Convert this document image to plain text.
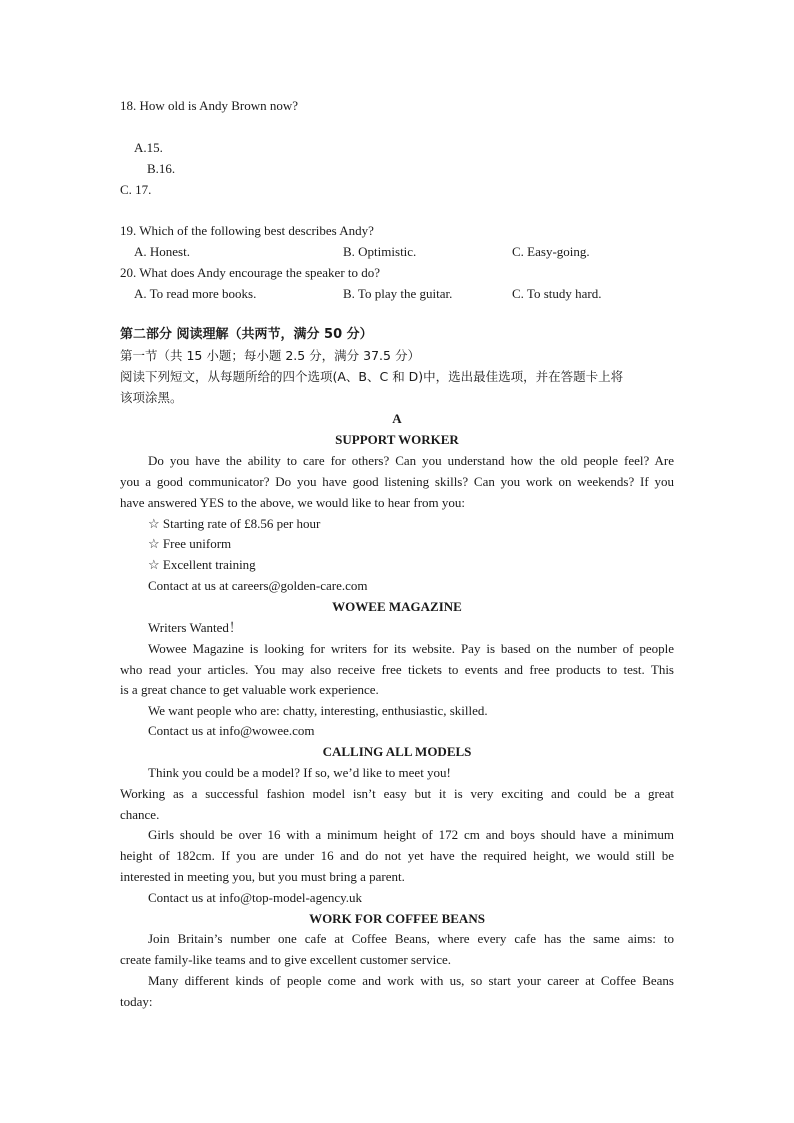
18. How old is Andy Brown now?
A.15.
B.16.
C. 17.
19. Which of the following best describes Andy?
A. Honest.	B. Optimistic.	C. Easy-going.
20. What does Andy encourage the speaker to do?
A. To read more books.	B. To play the guitar.	C. To study hard.
第二部分 阅读理解（共两节，满分 50 分）
第一节（共 15 小题；每小题 2.5 分，满分 37.5 分）
阅读下列短文，从每题所给的四个选项(A、B、C 和 D)中，选出最佳选项，并在答题卡上将
该项涂黑。
A
SUPPORT WORKER
Do you have the ability to care for others? Can you understand how the old people feel? Are
you a good communicator? Do you have good listening skills? Can you work on weekends? If you
have answered YES to the above, we would like to hear from you:
☆ Starting rate of £8.56 per hour
☆ Free uniform
☆ Excellent training
Contact at us at careers@golden-care.com
WOWEE MAGAZINE
Writers Wanted！
Wowee Magazine is looking for writers for its website. Pay is based on the number of people
who read your articles. You may also receive free tickets to events and free products to test. This
is a great chance to get valuable work experience.
We want people who are: chatty, interesting, enthusiastic, skilled.
Contact us at info@wowee.com
CALLING ALL MODELS
Think you could be a model? If so, we’d like to meet you!
Working as a successful fashion model isn’t easy but it is very exciting and could be a great
chance.
Girls should be over 16 with a minimum height of 172 cm and boys should have a minimum
height of 182cm. If you are under 16 and do not yet have the required height, we would still be
interested in meeting you, but you must bring a parent.
Contact us at info@top-model-agency.uk
WORK FOR COFFEE BEANS
Join Britain’s number one cafe at Coffee Beans, where every cafe has the same aims: to
create family-like teams and to give excellent customer service.
Many different kinds of people come and work with us, so start your career at Coffee Beans
today:
